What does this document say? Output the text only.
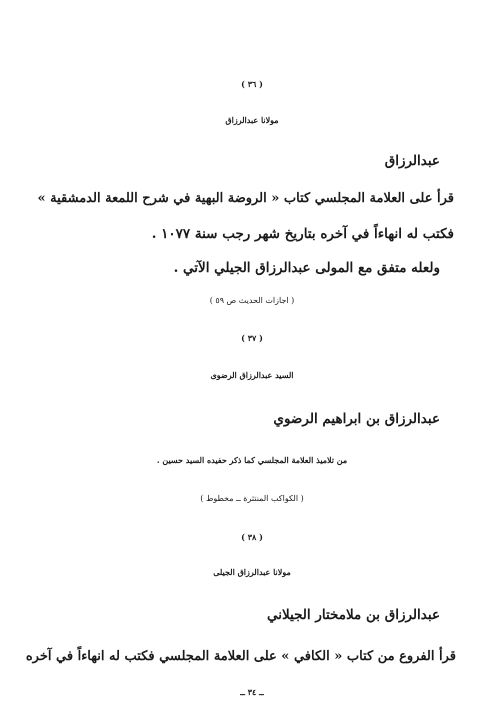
( ٣٦ )
مولانا عبدالرزاق
عبدالرزاق
قرأ على العلامة المجلسي كتاب « الروضة البهية في شرح اللمعة الدمشقية »
فكتب له انهاءاً في آخره بتاريخ شهر رجب سنة ١٠٧٧ .
ولعله متفق مع المولى عبدالرزاق الجيلي الآتي .
( اجازات الحديث ص ٥٩ )
( ٣٧ )
السيد عبدالرزاق الرضوى
عبدالرزاق بن ابراهيم الرضوي
من تلاميذ العلامة المجلسي كما ذكر حفيده السيد حسين .
( الكواكب المنتثرة ــ مخطوط )
( ٣٨ )
مولانا عبدالرزاق الجيلى
عبدالرزاق بن ملامختار الجيلاني
قرأ الفروع من كتاب « الكافي » على العلامة المجلسي فكتب له انهاءاً في آخره
ــ ٣٤ ــ
